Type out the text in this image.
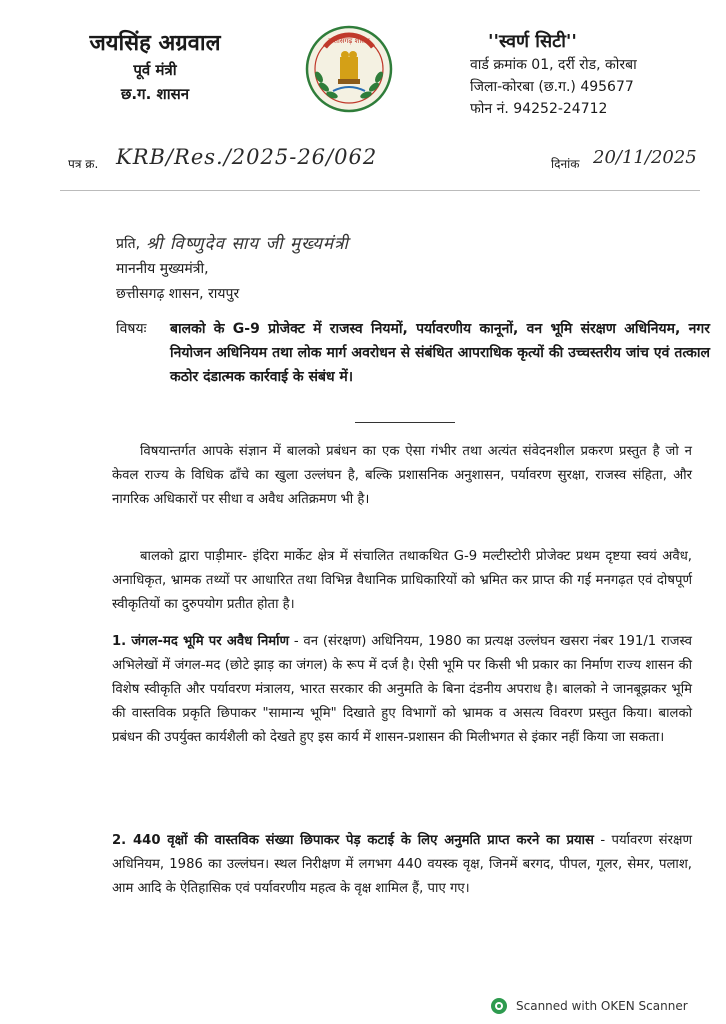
जयसिंह अग्रवाल
पूर्व मंत्री
छ.ग. शासन
छत्तीसगढ़ शासन	''स्वर्ण सिटी''
वार्ड क्रमांक 01, दर्री रोड, कोरबा
जिला-कोरबा (छ.ग.) 495677
फोन नं. 94252-24712
पत्र क्र. KRB/Res./2025-26/062	दिनांक 20/11/2025
प्रति, श्री विष्णुदेव साय जी मुख्यमंत्री
माननीय मुख्यमंत्री,
छत्तीसगढ़ शासन, रायपुर
विषयः	बालको के G-9 प्रोजेक्ट में राजस्व नियमों, पर्यावरणीय कानूनों, वन भूमि संरक्षण अधिनियम, नगर नियोजन अधिनियम तथा लोक मार्ग अवरोधन से संबंधित आपराधिक कृत्यों की उच्चस्तरीय जांच एवं तत्काल कठोर दंडात्मक कार्रवाई के संबंध में।
विषयान्तर्गत आपके संज्ञान में बालको प्रबंधन का एक ऐसा गंभीर तथा अत्यंत संवेदनशील प्रकरण प्रस्तुत है जो न केवल राज्य के विधिक ढाँचे का खुला उल्लंघन है, बल्कि प्रशासनिक अनुशासन, पर्यावरण सुरक्षा, राजस्व संहिता, और नागरिक अधिकारों पर सीधा व अवैध अतिक्रमण भी है।
बालको द्वारा पाड़ीमार- इंदिरा मार्केट क्षेत्र में संचालित तथाकथित G-9 मल्टीस्टोरी प्रोजेक्ट प्रथम दृष्टया स्वयं अवैध, अनाधिकृत, भ्रामक तथ्यों पर आधारित तथा विभिन्न वैधानिक प्राधिकारियों को भ्रमित कर प्राप्त की गई मनगढ़त एवं दोषपूर्ण स्वीकृतियों का दुरुपयोग प्रतीत होता है।
1. जंगल-मद भूमि पर अवैध निर्माण - वन (संरक्षण) अधिनियम, 1980 का प्रत्यक्ष उल्लंघन खसरा नंबर 191/1 राजस्व अभिलेखों में जंगल-मद (छोटे झाड़ का जंगल) के रूप में दर्ज है। ऐसी भूमि पर किसी भी प्रकार का निर्माण राज्य शासन की विशेष स्वीकृति और पर्यावरण मंत्रालय, भारत सरकार की अनुमति के बिना दंडनीय अपराध है। बालको ने जानबूझकर भूमि की वास्तविक प्रकृति छिपाकर "सामान्य भूमि" दिखाते हुए विभागों को भ्रामक व असत्य विवरण प्रस्तुत किया। बालको प्रबंधन की उपर्युक्त कार्यशैली को देखते हुए इस कार्य में शासन-प्रशासन की मिलीभगत से इंकार नहीं किया जा सकता।
2. 440 वृक्षों की वास्तविक संख्या छिपाकर पेड़ कटाई के लिए अनुमति प्राप्त करने का प्रयास - पर्यावरण संरक्षण अधिनियम, 1986 का उल्लंघन। स्थल निरीक्षण में लगभग 440 वयस्क वृक्ष, जिनमें बरगद, पीपल, गूलर, सेमर, पलाश, आम आदि के ऐतिहासिक एवं पर्यावरणीय महत्व के वृक्ष शामिल हैं, पाए गए।
Scanned with OKEN Scanner
